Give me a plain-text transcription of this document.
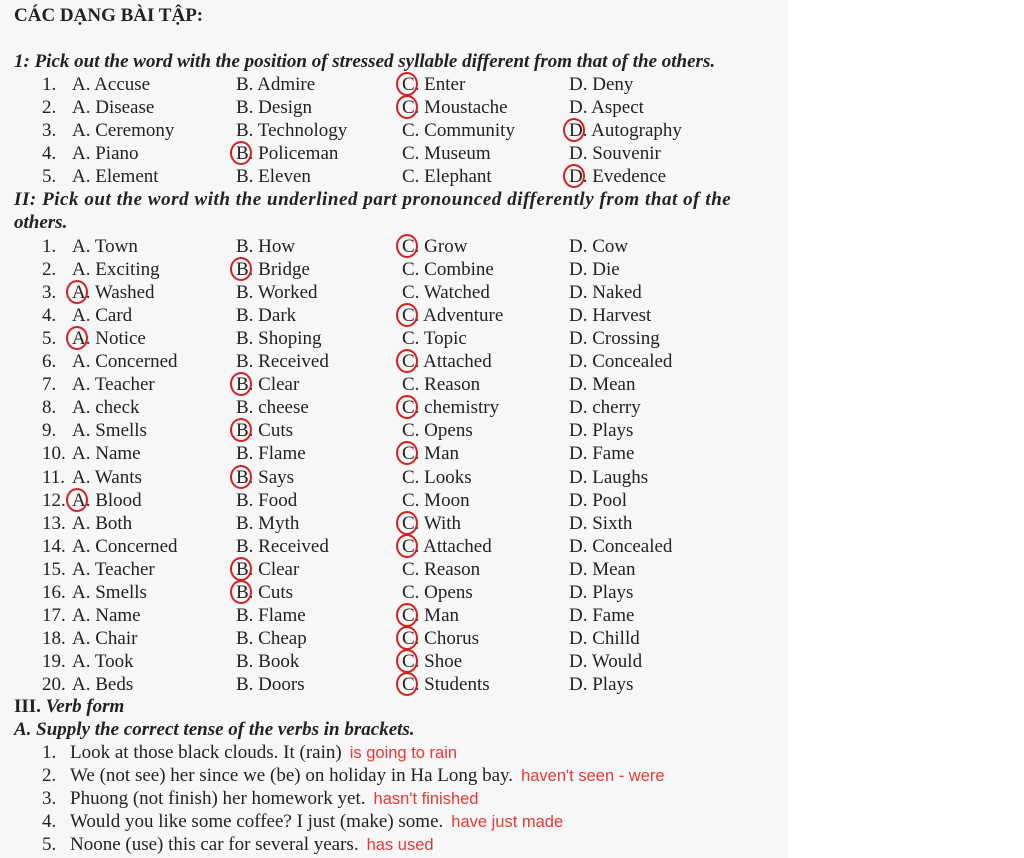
CÁC DẠNG BÀI TẬP:
1: Pick out the word with the position of stressed syllable different from that of the others.
1. A. Accuse	B. Admire	C. Enter	D. Deny
2. A. Disease	B. Design	C. Moustache	D. Aspect
3. A. Ceremony	B. Technology	C. Community	D. Autography
4. A. Piano	B. Policeman	C. Museum	D. Souvenir
5. A. Element	B. Eleven	C. Elephant	D. Evedence
II: Pick out the word with the underlined part pronounced differently from that of the
others.
1. A. Town	B. How	C. Grow	D. Cow
2. A. Exciting	B. Bridge	C. Combine	D. Die
3. A. Washed	B. Worked	C. Watched	D. Naked
4. A. Card	B. Dark	C. Adventure	D. Harvest
5. A. Notice	B. Shoping	C. Topic	D. Crossing
6. A. Concerned	B. Received	C. Attached	D. Concealed
7. A. Teacher	B. Clear	C. Reason	D. Mean
8. A. check	B. cheese	C. chemistry	D. cherry
9. A. Smells	B. Cuts	C. Opens	D. Plays
10. A. Name	B. Flame	C. Man	D. Fame
11. A. Wants	B. Says	C. Looks	D. Laughs
12. A. Blood	B. Food	C. Moon	D. Pool
13. A. Both	B. Myth	C. With	D. Sixth
14. A. Concerned	B. Received	C. Attached	D. Concealed
15. A. Teacher	B. Clear	C. Reason	D. Mean
16. A. Smells	B. Cuts	C. Opens	D. Plays
17. A. Name	B. Flame	C. Man	D. Fame
18. A. Chair	B. Cheap	C. Chorus	D. Chilld
19. A. Took	B. Book	C. Shoe	D. Would
20. A. Beds	B. Doors	C. Students	D. Plays
III. Verb form
A. Supply the correct tense of the verbs in brackets.
1. Look at those black clouds. It (rain) is going to rain
2. We (not see) her since we (be) on holiday in Ha Long bay. haven't seen - were
3. Phuong (not finish) her homework yet. hasn't finished
4. Would you like some coffee? I just (make) some. have just made
5. Noone (use) this car for several years. has used
